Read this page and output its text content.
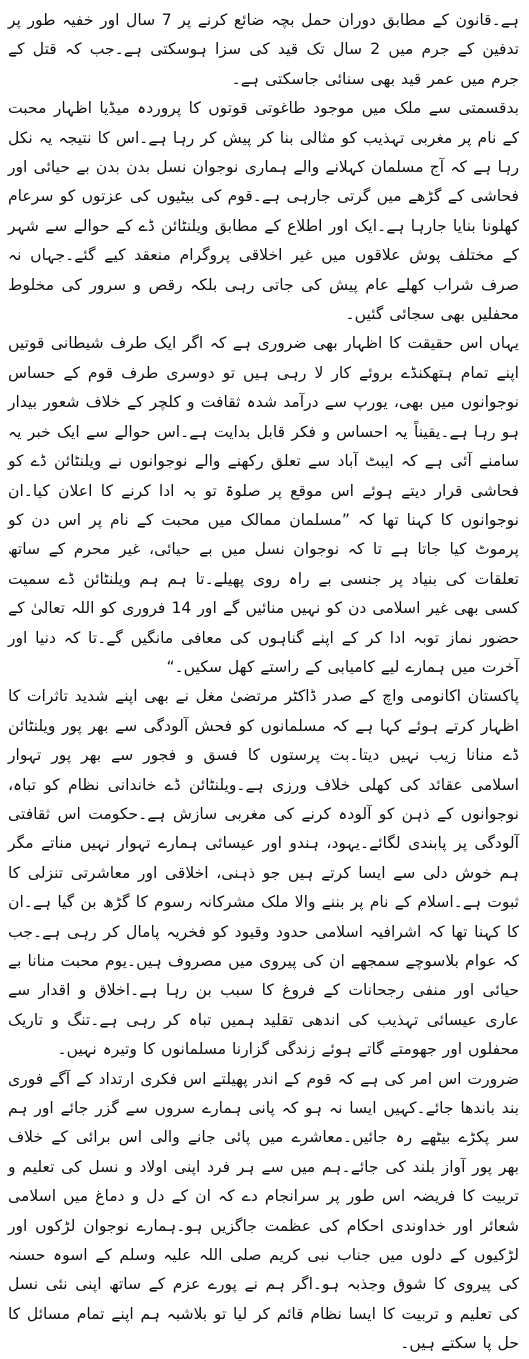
ہے۔قانون کے مطابق دوران حمل بچہ ضائع کرنے پر 7 سال اور خفیہ طور پر تدفین کے جرم میں 2 سال تک قید کی سزا ہوسکتی ہے۔جب کہ قتل کے جرم میں عمر قید بھی سنائی جاسکتی ہے۔

بدقسمتی سے ملک میں موجود طاغوتی قوتوں کا پروردہ میڈیا اظہار محبت کے نام پر مغربی تہذیب کو مثالی بنا کر پیش کر رہا ہے۔اس کا نتیجہ یہ نکل رہا ہے کہ آج مسلمان کہلانے والے ہماری نوجوان نسل بدن بدن بے حیائی اور فحاشی کے گڑھے میں گرتی جارہی ہے۔قوم کی بیٹیوں کی عزتوں کو سرعام کھلونا بنایا جارہا ہے۔ایک اور اطلاع کے مطابق ویلنٹائن ڈے کے حوالے سے شہر کے مختلف پوش علاقوں میں غیر اخلاقی پروگرام منعقد کیے گئے۔جہاں نہ صرف شراب کھلے عام پیش کی جاتی رہی بلکہ رقص و سرور کی مخلوط محفلیں بھی سجائی گئیں۔

یہاں اس حقیقت کا اظہار بھی ضروری ہے کہ اگر ایک طرف شیطانی قوتیں اپنے تمام ہتھکنڈے بروئے کار لا رہی ہیں تو دوسری طرف قوم کے حساس نوجوانوں میں بھی، یورپ سے درآمد شدہ ثقافت و کلچر کے خلاف شعور بیدار ہو رہا ہے۔یقیناً یہ احساس و فکر قابل بدایت ہے۔اس حوالے سے ایک خبر یہ سامنے آئی ہے کہ ایبٹ آباد سے تعلق رکھنے والے نوجوانوں نے ویلنٹائن ڈے کو فحاشی قرار دیتے ہوئے اس موقع پر صلوۃ تو بہ ادا کرنے کا اعلان کیا۔ان نوجوانوں کا کہنا تھا کہ ”مسلمان ممالک میں محبت کے نام پر اس دن کو پرموٹ کیا جاتا ہے تا کہ نوجوان نسل میں بے حیائی، غیر محرم کے ساتھ تعلقات کی بنیاد پر جنسی بے راہ روی پھیلے۔تا ہم ہم ویلنٹائن ڈے سمیت کسی بھی غیر اسلامی دن کو نہیں منائیں گے اور 14 فروری کو اللہ تعالیٰ کے حضور نماز توبہ ادا کر کے اپنے گناہوں کی معافی مانگیں گے۔تا کہ دنیا اور آخرت میں ہمارے لیے کامیابی کے راستے کھل سکیں۔“

پاکستان اکانومی واچ کے صدر ڈاکٹر مرتضیٰ مغل نے بھی اپنے شدید تاثرات کا اظہار کرتے ہوئے کہا ہے کہ مسلمانوں کو فحش آلودگی سے بھر پور ویلنٹائن ڈے منانا زیب نہیں دیتا۔بت پرستوں کا فسق و فجور سے بھر پور تہوار اسلامی عقائد کی کھلی خلاف ورزی ہے۔ویلنٹائن ڈے خاندانی نظام کو تباہ، نوجوانوں کے ذہن کو آلودہ کرنے کی مغربی سازش ہے۔حکومت اس ثقافتی آلودگی پر پابندی لگائے۔یہود، ہندو اور عیسائی ہمارے تہوار نہیں مناتے مگر ہم خوش دلی سے ایسا کرتے ہیں جو ذہنی، اخلاقی اور معاشرتی تنزلی کا ثبوت ہے۔اسلام کے نام پر بننے والا ملک مشرکانہ رسوم کا گڑھ بن گیا ہے۔ان کا کہنا تھا کہ اشرافیہ اسلامی حدود وقیود کو فخریہ پامال کر رہی ہے۔جب کہ عوام بلاسوچے سمجھے ان کی پیروی میں مصروف ہیں۔یوم محبت منانا بے حیائی اور منفی رجحانات کے فروغ کا سبب بن رہا ہے۔اخلاق و اقدار سے عاری عیسائی تہذیب کی اندھی تقلید ہمیں تباہ کر رہی ہے۔تنگ و تاریک محفلوں اور جھومتے گاتے ہوئے زندگی گزارنا مسلمانوں کا وتیرہ نہیں۔

ضرورت اس امر کی ہے کہ قوم کے اندر پھیلتے اس فکری ارتداد کے آگے فوری بند باندھا جائے۔کہیں ایسا نہ ہو کہ پانی ہمارے سروں سے گزر جائے اور ہم سر پکڑے بیٹھے رہ جائیں۔معاشرے میں پائی جانے والی اس برائی کے خلاف بھر پور آواز بلند کی جائے۔ہم میں سے ہر فرد اپنی اولاد و نسل کی تعلیم و تربیت کا فریضہ اس طور پر سرانجام دے کہ ان کے دل و دماغ میں اسلامی شعائر اور خداوندی احکام کی عظمت جاگزیں ہو۔ہمارے نوجوان لڑکوں اور لڑکیوں کے دلوں میں جناب نبی کریم صلی اللہ علیہ وسلم کے اسوہ حسنہ کی پیروی کا شوق وجذبہ ہو۔اگر ہم نے پورے عزم کے ساتھ اپنی نئی نسل کی تعلیم و تربیت کا ایسا نظام قائم کر لیا تو بلاشبہ ہم اپنے تمام مسائل کا حل پا سکتے ہیں۔
